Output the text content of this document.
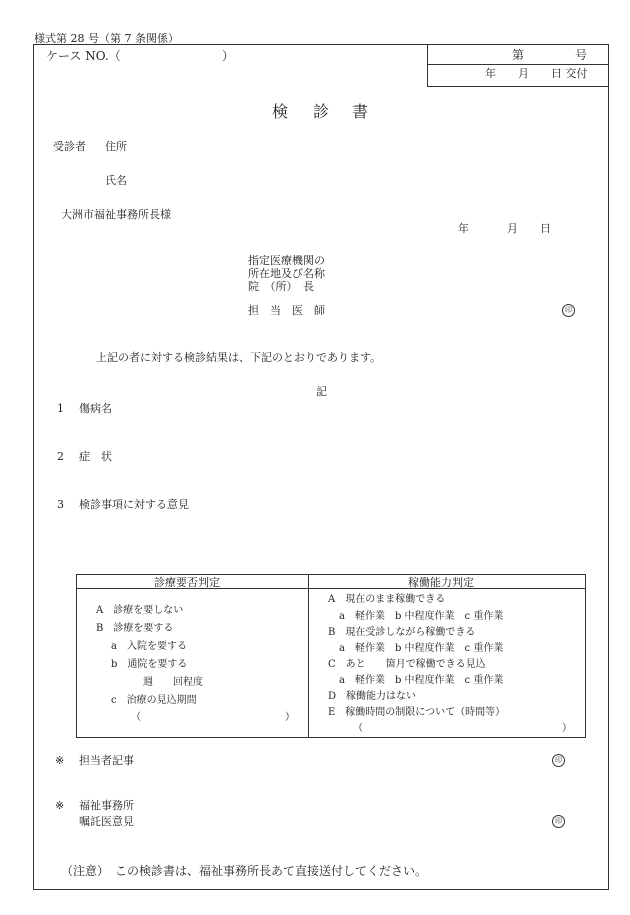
様式第 28 号（第 7 条関係）
ケース NO.（	）	第	号
年　　月　　日 交付
検 診 書
受診者 住所
氏名
大洲市福祉事務所長様
年	月 日
指定医療機関の
所在地及び名称
院　（所）　長
担　当　医　師	印
上記の者に対する検診結果は、下記のとおりであります。
記
1 傷病名
2 症　状
3 検診事項に対する意見
診療要否判定	稼働能力判定
A　診療を要しない
B　診療を要する
a　入院を要する
b　通院を要する
週　　回程度
c　治療の見込期間
（	）
A　現在のまま稼働できる
a　軽作業　b 中程度作業　c 重作業
B　現在受診しながら稼働できる
a　軽作業　b 中程度作業　c 重作業
C　あと　　箇月で稼働できる見込
a　軽作業　b 中程度作業　c 重作業
D　稼働能力はない
E　稼働時間の制限について（時間等）
（	）
※ 担当者記事	印
※ 福祉事務所
嘱託医意見	印
（注意）　この検診書は、福祉事務所長あて直接送付してください。
